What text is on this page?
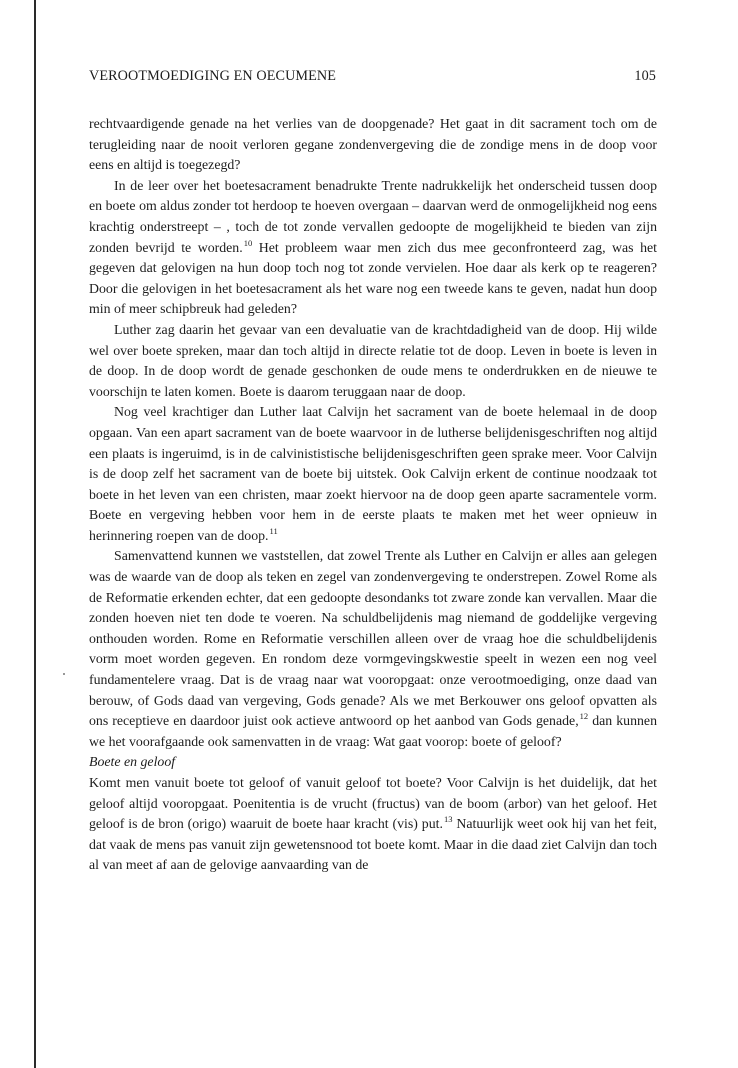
VEROOTMOEDIGING EN OECUMENE	105

rechtvaardigende genade na het verlies van de doopgenade? Het gaat in dit sacrament toch om de terugleiding naar de nooit verloren gegane zondenvergeving die de zondige mens in de doop voor eens en altijd is toegezegd?

In de leer over het boetesacrament benadrukte Trente nadrukkelijk het onderscheid tussen doop en boete om aldus zonder tot herdoop te hoeven overgaan – daarvan werd de onmogelijkheid nog eens krachtig onderstreept – , toch de tot zonde vervallen gedoopte de mogelijkheid te bieden van zijn zonden bevrijd te worden.$^{10}$ Het probleem waar men zich dus mee geconfronteerd zag, was het gegeven dat gelovigen na hun doop toch nog tot zonde vervielen. Hoe daar als kerk op te reageren? Door die gelovigen in het boetesacrament als het ware nog een tweede kans te geven, nadat hun doop min of meer schipbreuk had geleden?

Luther zag daarin het gevaar van een devaluatie van de krachtdadigheid van de doop. Hij wilde wel over boete spreken, maar dan toch altijd in directe relatie tot de doop. Leven in boete is leven in de doop. In de doop wordt de genade geschonken de oude mens te onderdrukken en de nieuwe te voorschijn te laten komen. Boete is daarom teruggaan naar de doop.

Nog veel krachtiger dan Luther laat Calvijn het sacrament van de boete helemaal in de doop opgaan. Van een apart sacrament van de boete waarvoor in de lutherse belijdenisgeschriften nog altijd een plaats is ingeruimd, is in de calvinististische belijdenisgeschriften geen sprake meer. Voor Calvijn is de doop zelf het sacrament van de boete bij uitstek. Ook Calvijn erkent de continue noodzaak tot boete in het leven van een christen, maar zoekt hiervoor na de doop geen aparte sacramentele vorm. Boete en vergeving hebben voor hem in de eerste plaats te maken met het weer opnieuw in herinnering roepen van de doop.$^{11}$

Samenvattend kunnen we vaststellen, dat zowel Trente als Luther en Calvijn er alles aan gelegen was de waarde van de doop als teken en zegel van zondenvergeving te onderstrepen. Zowel Rome als de Reformatie erkenden echter, dat een gedoopte desondanks tot zware zonde kan vervallen. Maar die zonden hoeven niet ten dode te voeren. Na schuldbelijdenis mag niemand de goddelijke vergeving onthouden worden. Rome en Reformatie verschillen alleen over de vraag hoe die schuldbelijdenis vorm moet worden gegeven. En rondom deze vormgevingskwestie speelt in wezen een nog veel fundamentelere vraag. Dat is de vraag naar wat vooropgaat: onze verootmoediging, onze daad van berouw, of Gods daad van vergeving, Gods genade? Als we met Berkouwer ons geloof opvatten als ons receptieve en daardoor juist ook actieve antwoord op het aanbod van Gods genade,$^{12}$ dan kunnen we het voorafgaande ook samenvatten in de vraag: Wat gaat voorop: boete of geloof?

Boete en geloof

Komt men vanuit boete tot geloof of vanuit geloof tot boete? Voor Calvijn is het duidelijk, dat het geloof altijd vooropgaat. Poenitentia is de vrucht (fructus) van de boom (arbor) van het geloof. Het geloof is de bron (origo) waaruit de boete haar kracht (vis) put.$^{13}$ Natuurlijk weet ook hij van het feit, dat vaak de mens pas vanuit zijn gewetensnood tot boete komt. Maar in die daad ziet Calvijn dan toch al van meet af aan de gelovige aanvaarding van de
